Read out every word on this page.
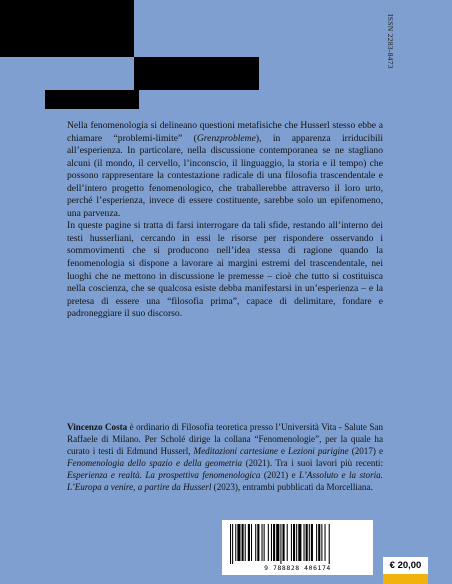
ISSN 2283-8473

Nella fenomenologia si delineano questioni metafisiche che Husserl stesso ebbe a chiamare “problemi-limite” (Grenzprobleme), in apparenza irriducibili all’esperienza. In particolare, nella discussione contemporanea se ne stagliano alcuni (il mondo, il cervello, l’inconscio, il linguaggio, la storia e il tempo) che possono rappresentare la contestazione radicale di una filosofia trascendentale e dell’intero progetto fenomenologico, che traballerebbe attraverso il loro urto, perché l’esperienza, invece di essere costituente, sarebbe solo un epifenomeno, una parvenza.

In queste pagine si tratta di farsi interrogare da tali sfide, restando all’interno dei testi husserliani, cercando in essi le risorse per rispondere osservando i sommovimenti che si producono nell’idea stessa di ragione quando la fenomenologia si dispone a lavorare ai margini estremi del trascendentale, nei luoghi che ne mettono in discussione le premesse – cioè che tutto si costituisca nella coscienza, che se qualcosa esiste debba manifestarsi in un’esperienza – e la pretesa di essere una “filosofia prima”, capace di delimitare, fondare e padroneggiare il suo discorso.

Vincenzo Costa è ordinario di Filosofia teoretica presso l’Università Vita - Salute San Raffaele di Milano. Per Scholé dirige la collana “Fenomenologie”, per la quale ha curato i testi di Edmund Husserl, Meditazioni cartesiane e Lezioni parigine (2017) e Fenomenologia dello spazio e della geometria (2021). Tra i suoi lavori più recenti: Esperienza e realtà. La prospettiva fenomenologica (2021) e L’Assoluto e la storia. L’Europa a venire, a partire da Husserl (2023), entrambi pubblicati da Morcelliana.
9 788828 406174	€ 20,00
